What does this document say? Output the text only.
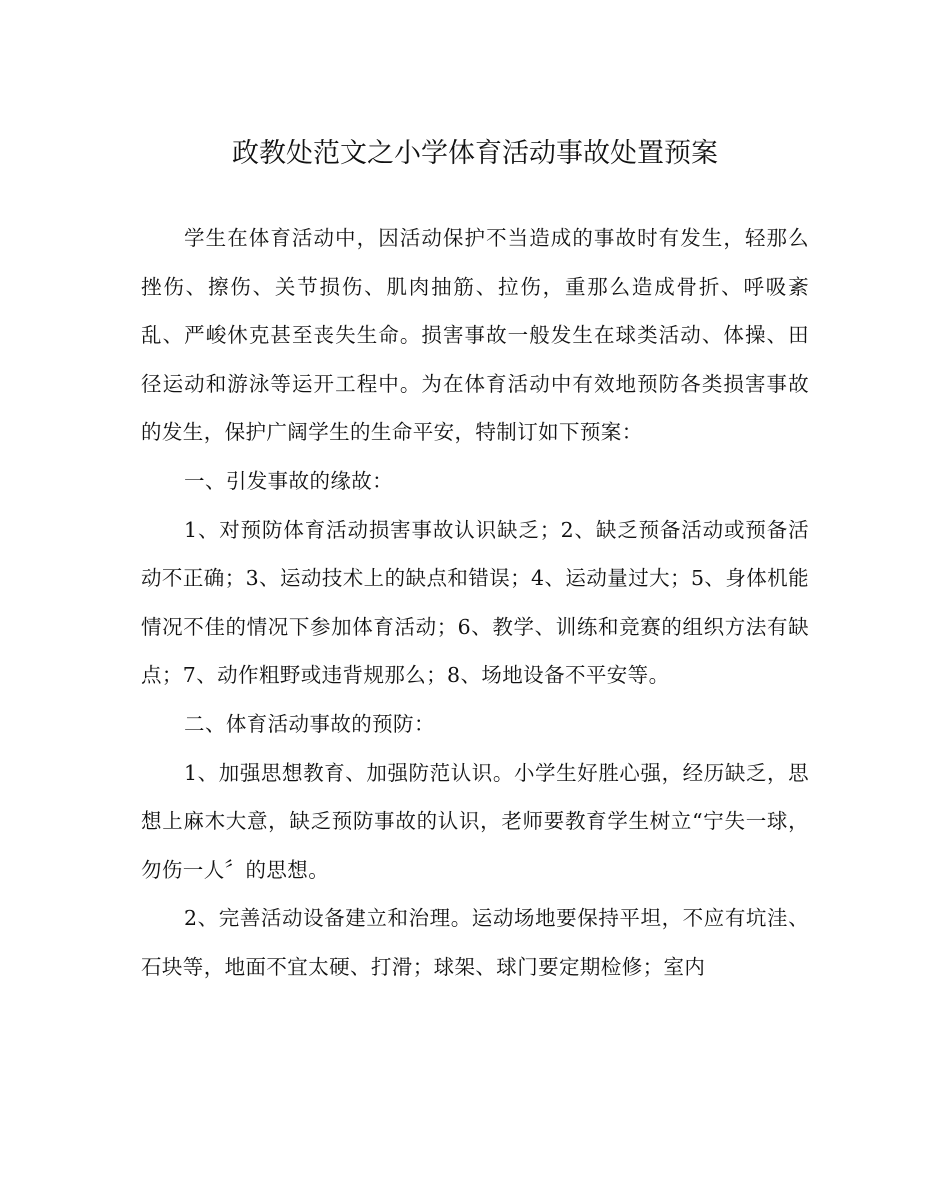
政教处范文之小学体育活动事故处置预案

学生在体育活动中，因活动保护不当造成的事故时有发生，轻那么挫伤、擦伤、关节损伤、肌肉抽筋、拉伤，重那么造成骨折、呼吸紊乱、严峻休克甚至丧失生命。损害事故一般发生在球类活动、体操、田径运动和游泳等运开工程中。为在体育活动中有效地预防各类损害事故的发生，保护广阔学生的生命平安，特制订如下预案：

一、引发事故的缘故：

1、对预防体育活动损害事故认识缺乏；2、缺乏预备活动或预备活动不正确；3、运动技术上的缺点和错误；4、运动量过大；5、身体机能情况不佳的情况下参加体育活动；6、教学、训练和竞赛的组织方法有缺点；7、动作粗野或违背规那么；8、场地设备不平安等。

二、体育活动事故的预防：

1、加强思想教育、加强防范认识。小学生好胜心强，经历缺乏，思想上麻木大意，缺乏预防事故的认识，老师要教育学生树立“宁失一球，勿伤一人〞的思想。

2、完善活动设备建立和治理。运动场地要保持平坦，不应有坑洼、石块等，地面不宜太硬、打滑；球架、球门要定期检修；室内
